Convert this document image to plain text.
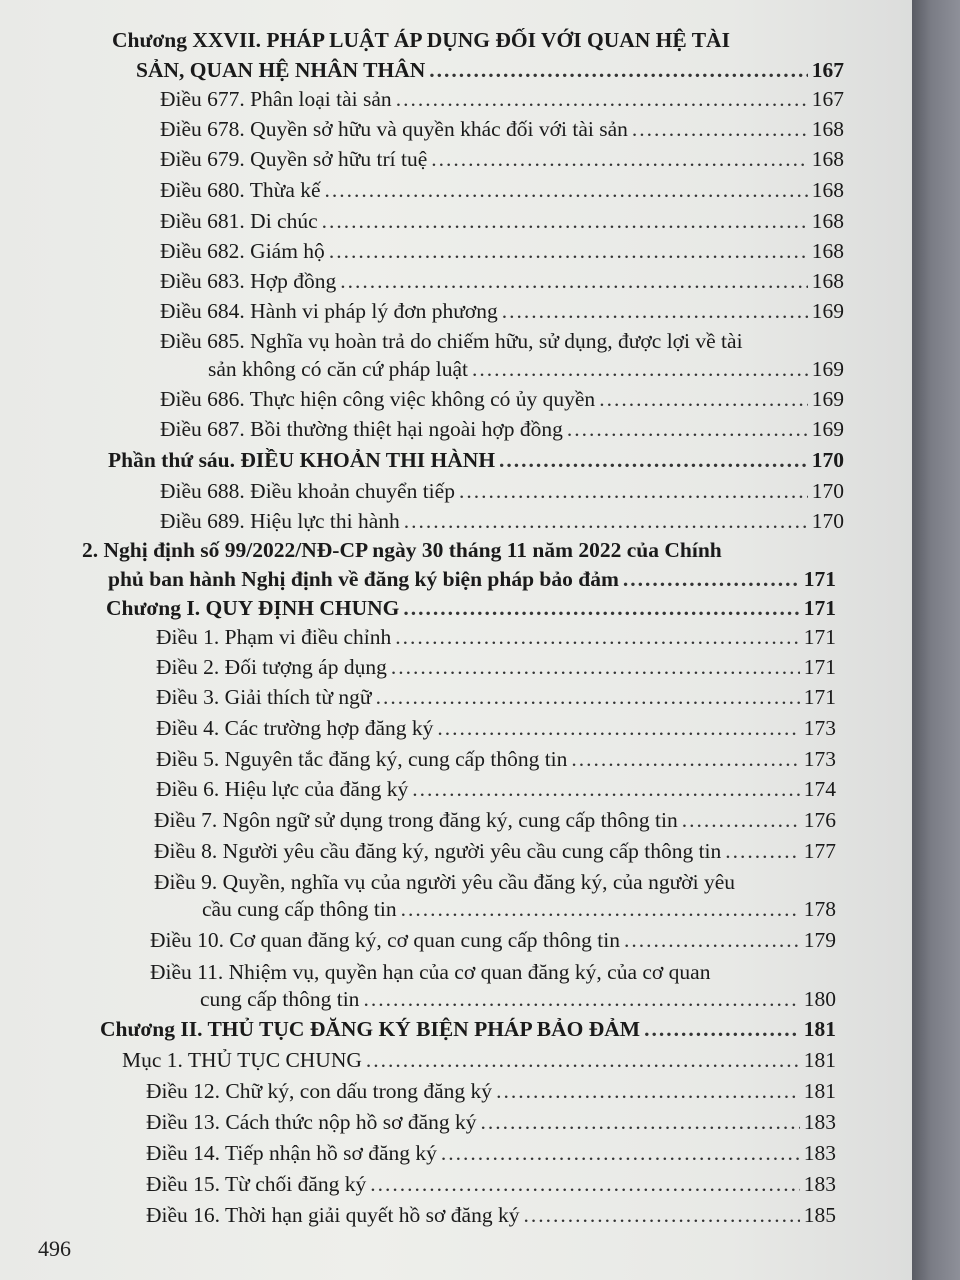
Chương XXVII. PHÁP LUẬT ÁP DỤNG ĐỐI VỚI QUAN HỆ TÀI
SẢN, QUAN HỆ NHÂN THÂN .....	167
Điều 677. Phân loại tài sản .....	167
Điều 678. Quyền sở hữu và quyền khác đối với tài sản .....	168
Điều 679. Quyền sở hữu trí tuệ .....	168
Điều 680. Thừa kế .....	168
Điều 681. Di chúc .....	168
Điều 682. Giám hộ .....	168
Điều 683. Hợp đồng .....	168
Điều 684. Hành vi pháp lý đơn phương .....	169
Điều 685. Nghĩa vụ hoàn trả do chiếm hữu, sử dụng, được lợi về tài
sản không có căn cứ pháp luật .....	169
Điều 686. Thực hiện công việc không có ủy quyền .....	169
Điều 687. Bồi thường thiệt hại ngoài hợp đồng .....	169
Phần thứ sáu. ĐIỀU KHOẢN THI HÀNH .....	170
Điều 688. Điều khoản chuyển tiếp .....	170
Điều 689. Hiệu lực thi hành .....	170
2. Nghị định số 99/2022/NĐ-CP ngày 30 tháng 11 năm 2022 của Chính
phủ ban hành Nghị định về đăng ký biện pháp bảo đảm .....	171
Chương I. QUY ĐỊNH CHUNG .....	171
Điều 1. Phạm vi điều chỉnh .....	171
Điều 2. Đối tượng áp dụng .....	171
Điều 3. Giải thích từ ngữ .....	171
Điều 4. Các trường hợp đăng ký .....	173
Điều 5. Nguyên tắc đăng ký, cung cấp thông tin .....	173
Điều 6. Hiệu lực của đăng ký .....	174
Điều 7. Ngôn ngữ sử dụng trong đăng ký, cung cấp thông tin .....	176
Điều 8. Người yêu cầu đăng ký, người yêu cầu cung cấp thông tin .....	177
Điều 9. Quyền, nghĩa vụ của người yêu cầu đăng ký, của người yêu
cầu cung cấp thông tin .....	178
Điều 10. Cơ quan đăng ký, cơ quan cung cấp thông tin .....	179
Điều 11. Nhiệm vụ, quyền hạn của cơ quan đăng ký, của cơ quan
cung cấp thông tin .....	180
Chương II. THỦ TỤC ĐĂNG KÝ BIỆN PHÁP BẢO ĐẢM .....	181
Mục 1. THỦ TỤC CHUNG .....	181
Điều 12. Chữ ký, con dấu trong đăng ký .....	181
Điều 13. Cách thức nộp hồ sơ đăng ký .....	183
Điều 14. Tiếp nhận hồ sơ đăng ký .....	183
Điều 15. Từ chối đăng ký .....	183
Điều 16. Thời hạn giải quyết hồ sơ đăng ký .....	185
496
